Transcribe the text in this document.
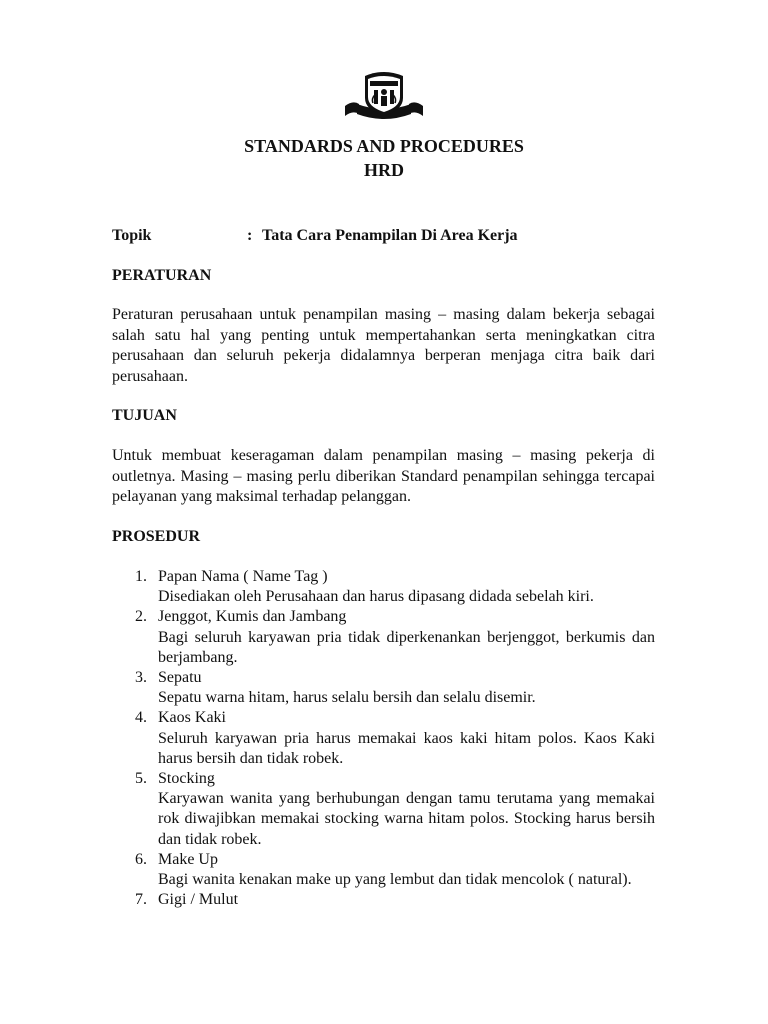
STANDARDS AND PROCEDURES
HRD
Topik	: Tata Cara Penampilan Di Area Kerja
PERATURAN
Peraturan perusahaan untuk penampilan masing – masing dalam bekerja sebagai salah satu hal yang penting untuk mempertahankan serta meningkatkan citra perusahaan dan seluruh pekerja didalamnya berperan menjaga citra baik dari perusahaan.
TUJUAN
Untuk membuat keseragaman dalam penampilan masing – masing pekerja di outletnya. Masing – masing perlu diberikan Standard penampilan sehingga tercapai pelayanan yang maksimal terhadap pelanggan.
PROSEDUR
1. Papan Nama ( Name Tag )
Disediakan oleh Perusahaan dan harus dipasang didada sebelah kiri.
2. Jenggot, Kumis dan Jambang
Bagi seluruh karyawan pria tidak diperkenankan berjenggot, berkumis dan berjambang.
3. Sepatu
Sepatu warna hitam, harus selalu bersih dan selalu disemir.
4. Kaos Kaki
Seluruh karyawan pria harus memakai kaos kaki hitam polos. Kaos Kaki harus bersih dan tidak robek.
5. Stocking
Karyawan wanita yang berhubungan dengan tamu terutama yang memakai rok diwajibkan memakai stocking warna hitam polos. Stocking harus bersih dan tidak robek.
6. Make Up
Bagi wanita kenakan make up yang lembut dan tidak mencolok ( natural).
7. Gigi / Mulut
